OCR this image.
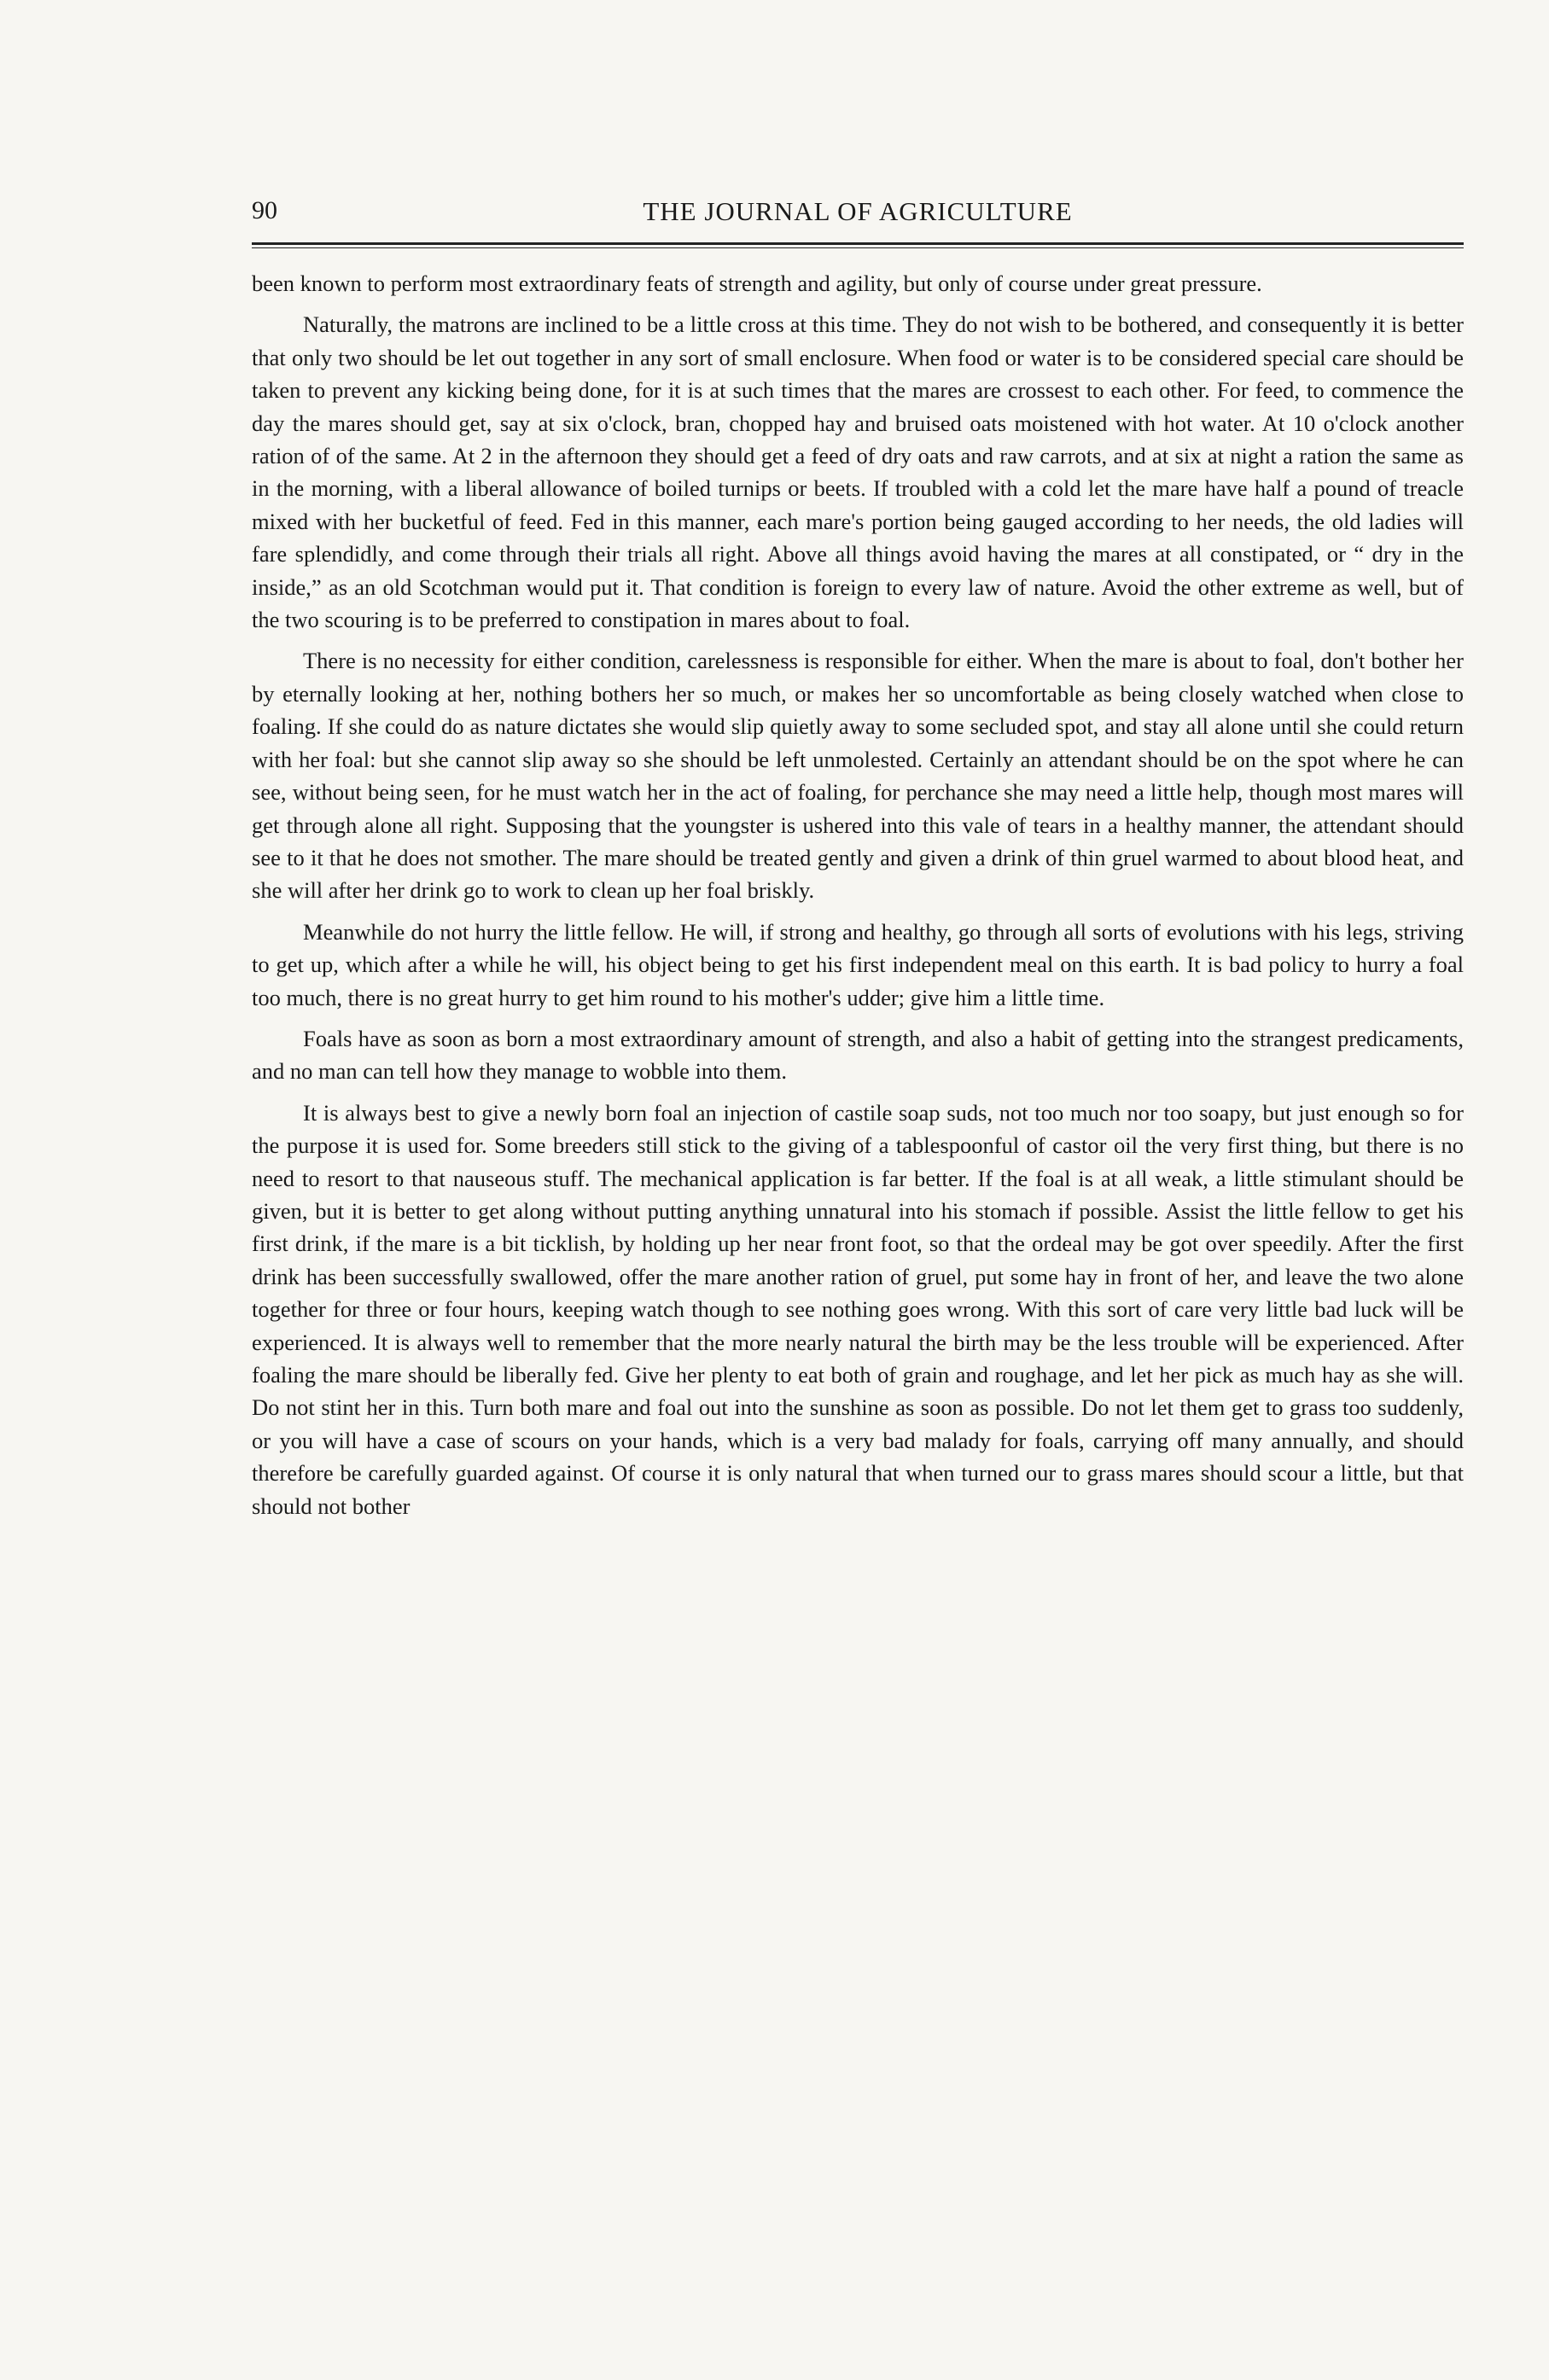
90	THE JOURNAL OF AGRICULTURE

been known to perform most extraordinary feats of strength and agility, but only of course under great pressure.

Naturally, the matrons are inclined to be a little cross at this time. They do not wish to be bothered, and consequently it is better that only two should be let out together in any sort of small enclosure. When food or water is to be considered special care should be taken to prevent any kicking being done, for it is at such times that the mares are crossest to each other. For feed, to commence the day the mares should get, say at six o'clock, bran, chopped hay and bruised oats moistened with hot water. At 10 o'clock another ration of of the same. At 2 in the afternoon they should get a feed of dry oats and raw carrots, and at six at night a ration the same as in the morning, with a liberal allowance of boiled turnips or beets. If troubled with a cold let the mare have half a pound of treacle mixed with her bucketful of feed. Fed in this manner, each mare's portion being gauged according to her needs, the old ladies will fare splendidly, and come through their trials all right. Above all things avoid having the mares at all constipated, or “ dry in the inside,” as an old Scotchman would put it. That condition is foreign to every law of nature. Avoid the other extreme as well, but of the two scouring is to be preferred to constipation in mares about to foal.

There is no necessity for either condition, carelessness is responsible for either. When the mare is about to foal, don't bother her by eternally looking at her, nothing bothers her so much, or makes her so uncomfortable as being closely watched when close to foaling. If she could do as nature dictates she would slip quietly away to some secluded spot, and stay all alone until she could return with her foal: but she cannot slip away so she should be left unmolested. Certainly an attendant should be on the spot where he can see, without being seen, for he must watch her in the act of foaling, for perchance she may need a little help, though most mares will get through alone all right. Supposing that the youngster is ushered into this vale of tears in a healthy manner, the attendant should see to it that he does not smother. The mare should be treated gently and given a drink of thin gruel warmed to about blood heat, and she will after her drink go to work to clean up her foal briskly.

Meanwhile do not hurry the little fellow. He will, if strong and healthy, go through all sorts of evolutions with his legs, striving to get up, which after a while he will, his object being to get his first independent meal on this earth. It is bad policy to hurry a foal too much, there is no great hurry to get him round to his mother's udder; give him a little time.

Foals have as soon as born a most extraordinary amount of strength, and also a habit of getting into the strangest predicaments, and no man can tell how they manage to wobble into them.

It is always best to give a newly born foal an injection of castile soap suds, not too much nor too soapy, but just enough so for the purpose it is used for. Some breeders still stick to the giving of a tablespoonful of castor oil the very first thing, but there is no need to resort to that nauseous stuff. The mechanical application is far better. If the foal is at all weak, a little stimulant should be given, but it is better to get along without putting anything unnatural into his stomach if possible. Assist the little fellow to get his first drink, if the mare is a bit ticklish, by holding up her near front foot, so that the ordeal may be got over speedily. After the first drink has been successfully swallowed, offer the mare another ration of gruel, put some hay in front of her, and leave the two alone together for three or four hours, keeping watch though to see nothing goes wrong. With this sort of care very little bad luck will be experienced. It is always well to remember that the more nearly natural the birth may be the less trouble will be experienced. After foaling the mare should be liberally fed. Give her plenty to eat both of grain and roughage, and let her pick as much hay as she will. Do not stint her in this. Turn both mare and foal out into the sunshine as soon as possible. Do not let them get to grass too suddenly, or you will have a case of scours on your hands, which is a very bad malady for foals, carrying off many annually, and should therefore be carefully guarded against. Of course it is only natural that when turned our to grass mares should scour a little, but that should not bother
